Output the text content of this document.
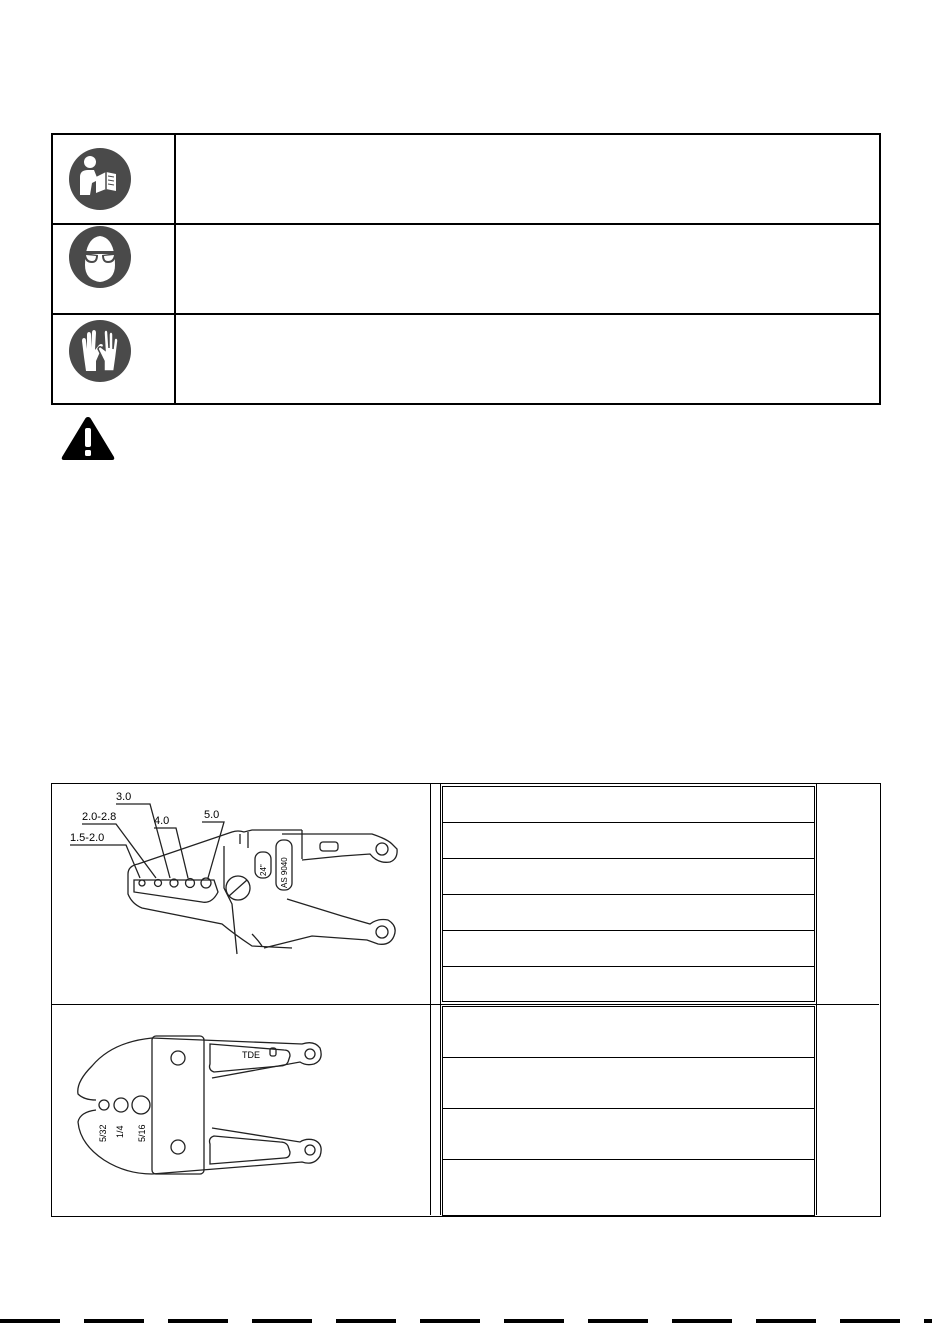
3.0
2.0-2.8	4.0	5.0
1.5-2.0
24" AS 9040
5/32 1/4 5/16
TDE
